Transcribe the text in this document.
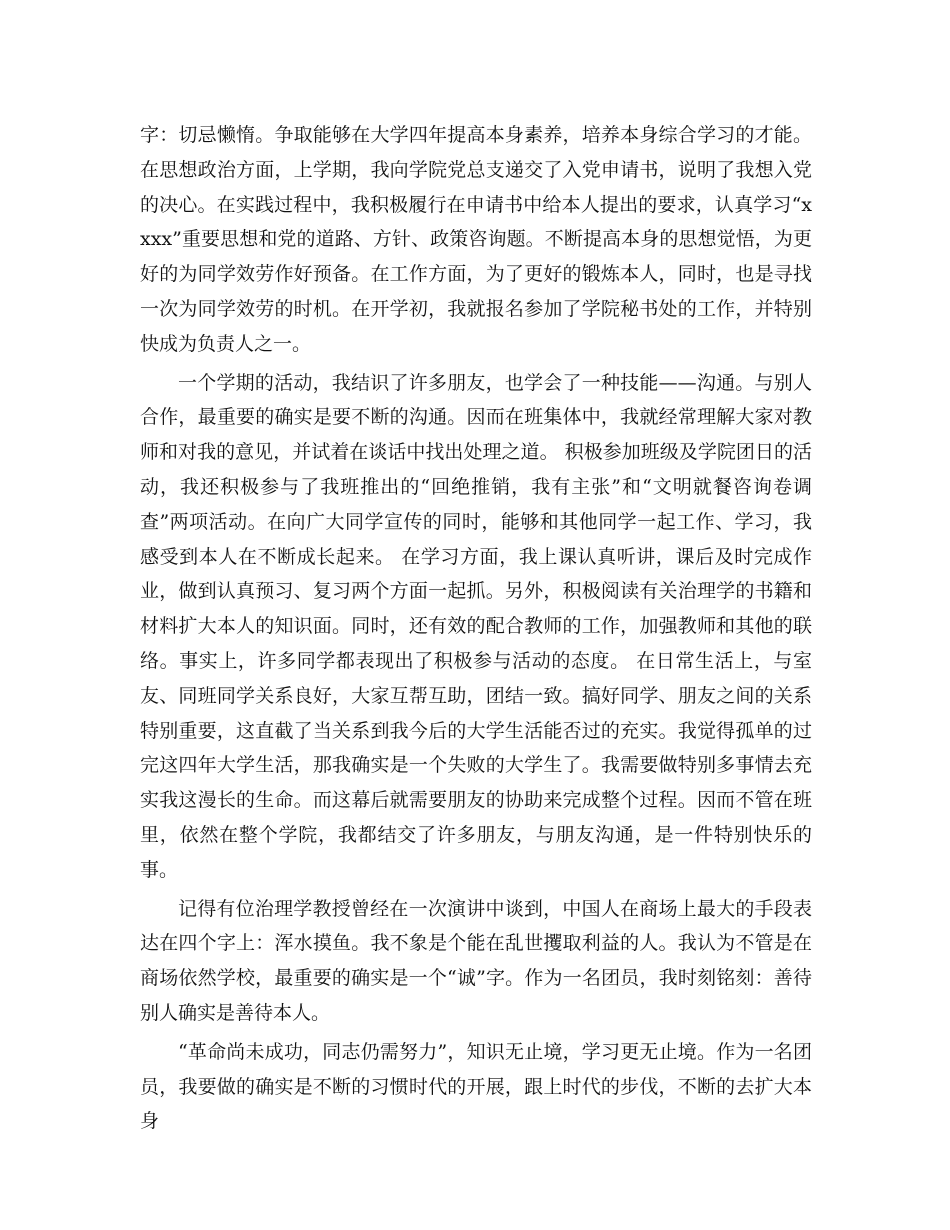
字：切忌懒惰。争取能够在大学四年提高本身素养，培养本身综合学习的才能。在思想政治方面，上学期，我向学院党总支递交了入党申请书，说明了我想入党的决心。在实践过程中，我积极履行在申请书中给本人提出的要求，认真学习“xxxx”重要思想和党的道路、方针、政策咨询题。不断提高本身的思想觉悟，为更好的为同学效劳作好预备。在工作方面，为了更好的锻炼本人，同时，也是寻找一次为同学效劳的时机。在开学初，我就报名参加了学院秘书处的工作，并特别快成为负责人之一。

一个学期的活动，我结识了许多朋友，也学会了一种技能——沟通。与别人合作，最重要的确实是要不断的沟通。因而在班集体中，我就经常理解大家对教师和对我的意见，并试着在谈话中找出处理之道。 积极参加班级及学院团日的活动，我还积极参与了我班推出的“回绝推销，我有主张”和“文明就餐咨询卷调查”两项活动。在向广大同学宣传的同时，能够和其他同学一起工作、学习，我感受到本人在不断成长起来。 在学习方面，我上课认真听讲，课后及时完成作业，做到认真预习、复习两个方面一起抓。另外，积极阅读有关治理学的书籍和材料扩大本人的知识面。同时，还有效的配合教师的工作，加强教师和其他的联络。事实上，许多同学都表现出了积极参与活动的态度。 在日常生活上，与室友、同班同学关系良好，大家互帮互助，团结一致。搞好同学、朋友之间的关系特别重要，这直截了当关系到我今后的大学生活能否过的充实。我觉得孤单的过完这四年大学生活，那我确实是一个失败的大学生了。我需要做特别多事情去充实我这漫长的生命。而这幕后就需要朋友的协助来完成整个过程。因而不管在班里，依然在整个学院，我都结交了许多朋友，与朋友沟通，是一件特别快乐的事。

记得有位治理学教授曾经在一次演讲中谈到，中国人在商场上最大的手段表达在四个字上：浑水摸鱼。我不象是个能在乱世攫取利益的人。我认为不管是在商场依然学校，最重要的确实是一个“诚”字。作为一名团员，我时刻铭刻：善待别人确实是善待本人。

“革命尚未成功，同志仍需努力”，知识无止境，学习更无止境。作为一名团员，我要做的确实是不断的习惯时代的开展，跟上时代的步伐，不断的去扩大本身
